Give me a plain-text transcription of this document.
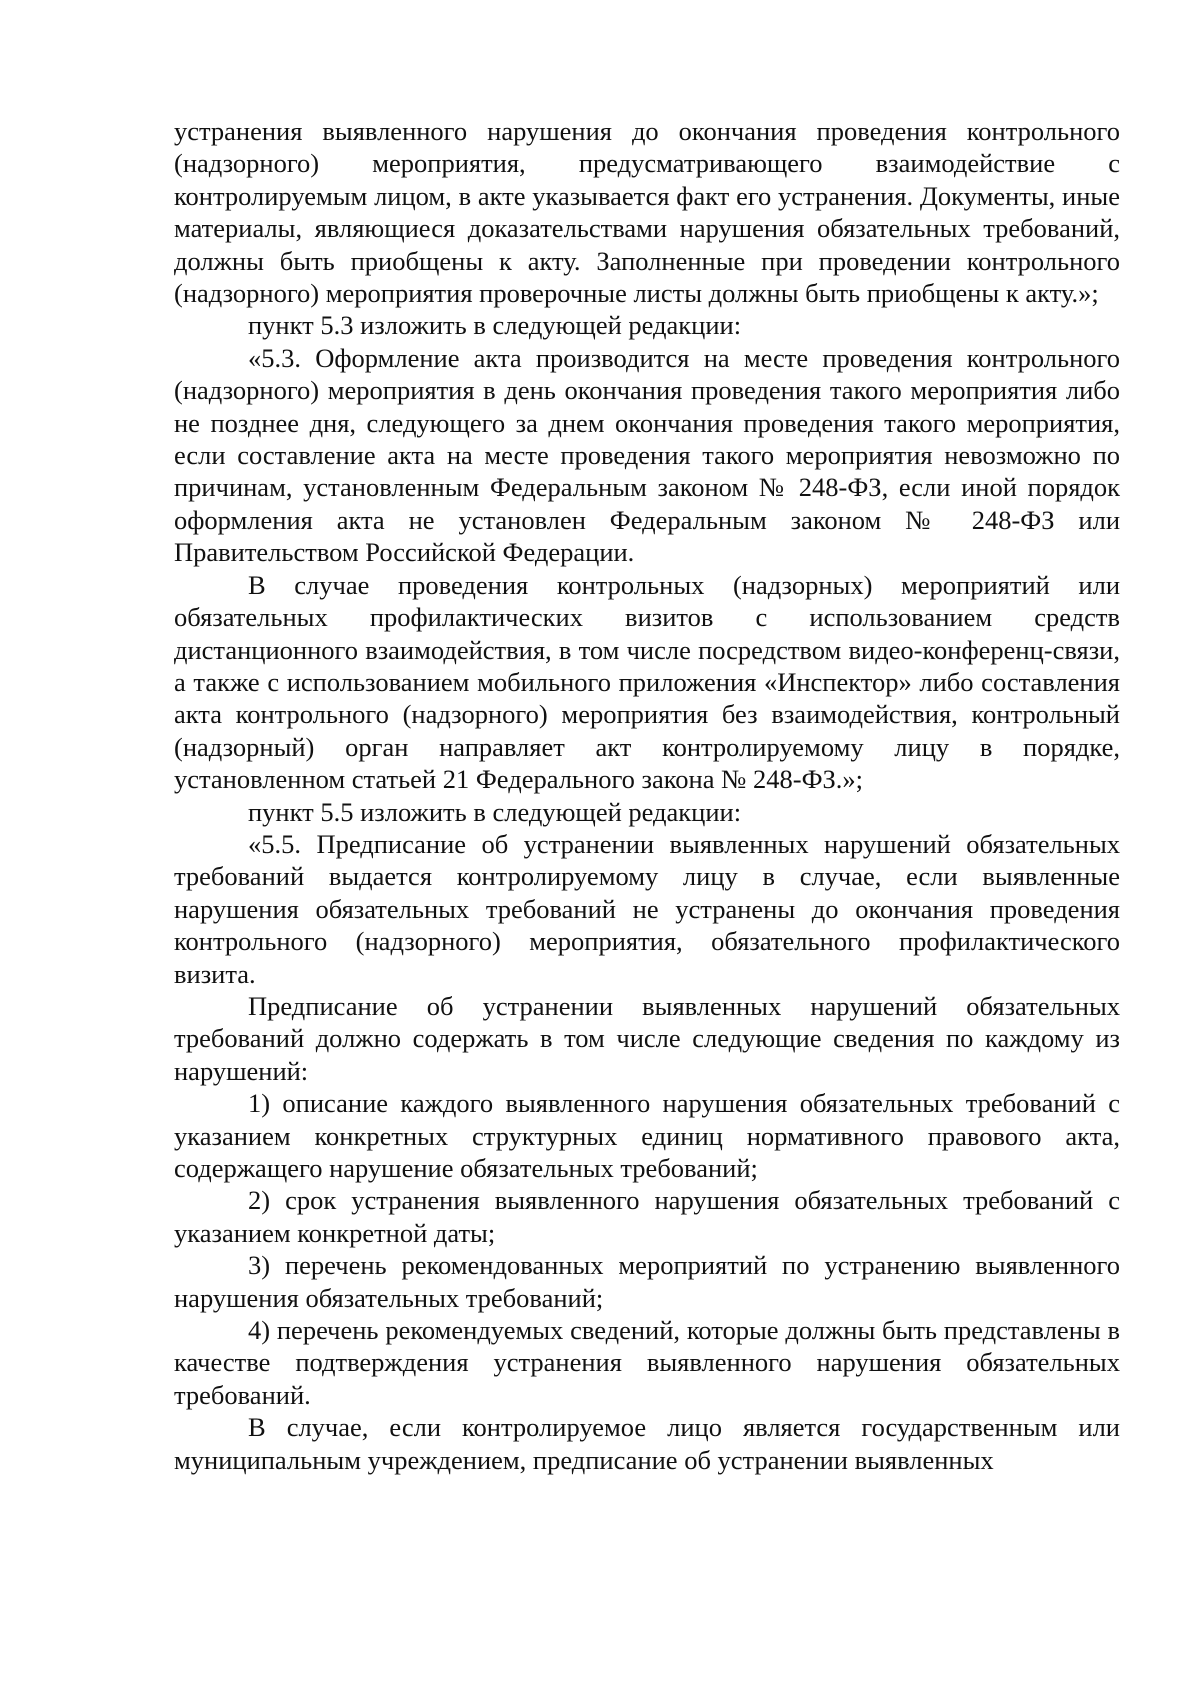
устранения выявленного нарушения до окончания проведения контрольного (надзорного) мероприятия, предусматривающего взаимодействие с контролируемым лицом, в акте указывается факт его устранения. Документы, иные материалы, являющиеся доказательствами нарушения обязательных требований, должны быть приобщены к акту. Заполненные при проведении контрольного (надзорного) мероприятия проверочные листы должны быть приобщены к акту.»;

пункт 5.3 изложить в следующей редакции:

«5.3. Оформление акта производится на месте проведения контрольного (надзорного) мероприятия в день окончания проведения такого мероприятия либо не позднее дня, следующего за днем окончания проведения такого мероприятия, если составление акта на месте проведения такого мероприятия невозможно по причинам, установленным Федеральным законом № 248-ФЗ, если иной порядок оформления акта не установлен Федеральным законом № 248-ФЗ или Правительством Российской Федерации.

В случае проведения контрольных (надзорных) мероприятий или обязательных профилактических визитов с использованием средств дистанционного взаимодействия, в том числе посредством видео-конференц-связи, а также с использованием мобильного приложения «Инспектор» либо составления акта контрольного (надзорного) мероприятия без взаимодействия, контрольный (надзорный) орган направляет акт контролируемому лицу в порядке, установленном статьей 21 Федерального закона № 248-ФЗ.»;

пункт 5.5 изложить в следующей редакции:

«5.5. Предписание об устранении выявленных нарушений обязательных требований выдается контролируемому лицу в случае, если выявленные нарушения обязательных требований не устранены до окончания проведения контрольного (надзорного) мероприятия, обязательного профилактического визита.

Предписание об устранении выявленных нарушений обязательных требований должно содержать в том числе следующие сведения по каждому из нарушений:

1) описание каждого выявленного нарушения обязательных требований с указанием конкретных структурных единиц нормативного правового акта, содержащего нарушение обязательных требований;

2) срок устранения выявленного нарушения обязательных требований с указанием конкретной даты;

3) перечень рекомендованных мероприятий по устранению выявленного нарушения обязательных требований;

4) перечень рекомендуемых сведений, которые должны быть представлены в качестве подтверждения устранения выявленного нарушения обязательных требований.

В случае, если контролируемое лицо является государственным или муниципальным учреждением, предписание об устранении выявленных
